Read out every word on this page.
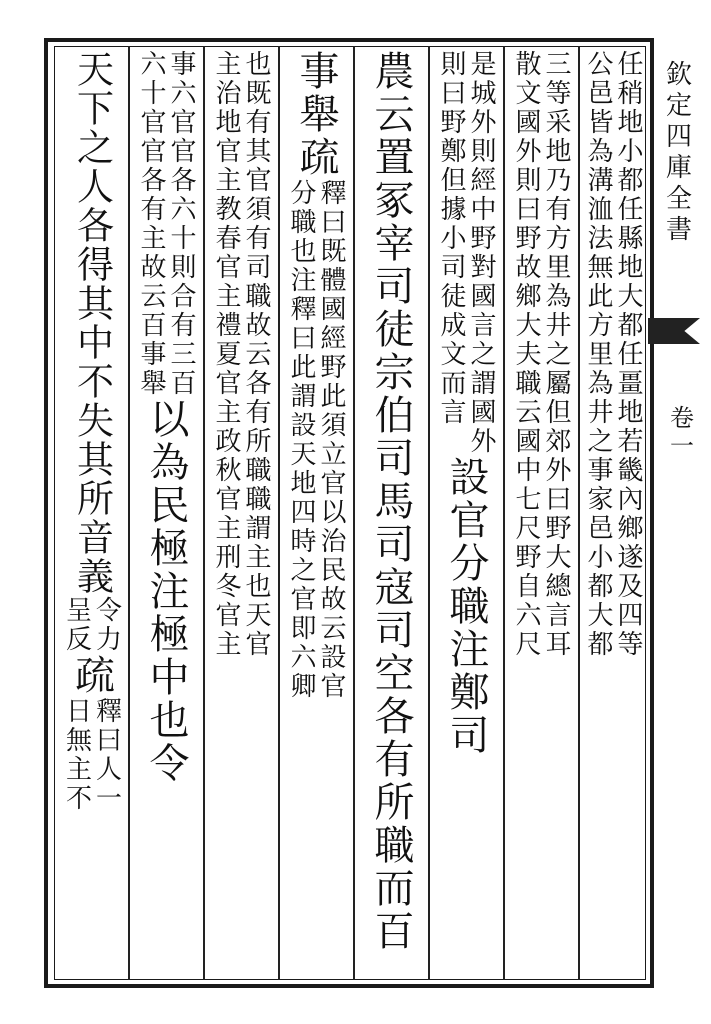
欽定四庫全書
卷一
任稍地小都任縣地大都任畺地若畿內鄉遂及四等
公邑皆為溝洫法無此方里為井之事家邑小都大都
三等采地乃有方里為井之屬但郊外曰野大總言耳
散文國外則曰野故鄉大夫職云國中七尺野自六尺
是城外則經中野對國言之謂國外
則曰野鄭但據小司徒成文而言
設官分職注鄭司
農云置冢宰司徒宗伯司馬司寇司空各有所職而百
事舉疏
釋曰既體國經野此須立官以治民故云設官
分職也注釋曰此謂設天地四時之官即六卿
也既有其官須有司職故云各有所職職謂主也天官
主治地官主教春官主禮夏官主政秋官主刑冬官主
事六官官各六十則合有三百
六十官官各有主故云百事舉
以為民極注極中也令
天下之人各得其中不失其所音義
令力
呈反
疏
釋曰人一
日無主不
